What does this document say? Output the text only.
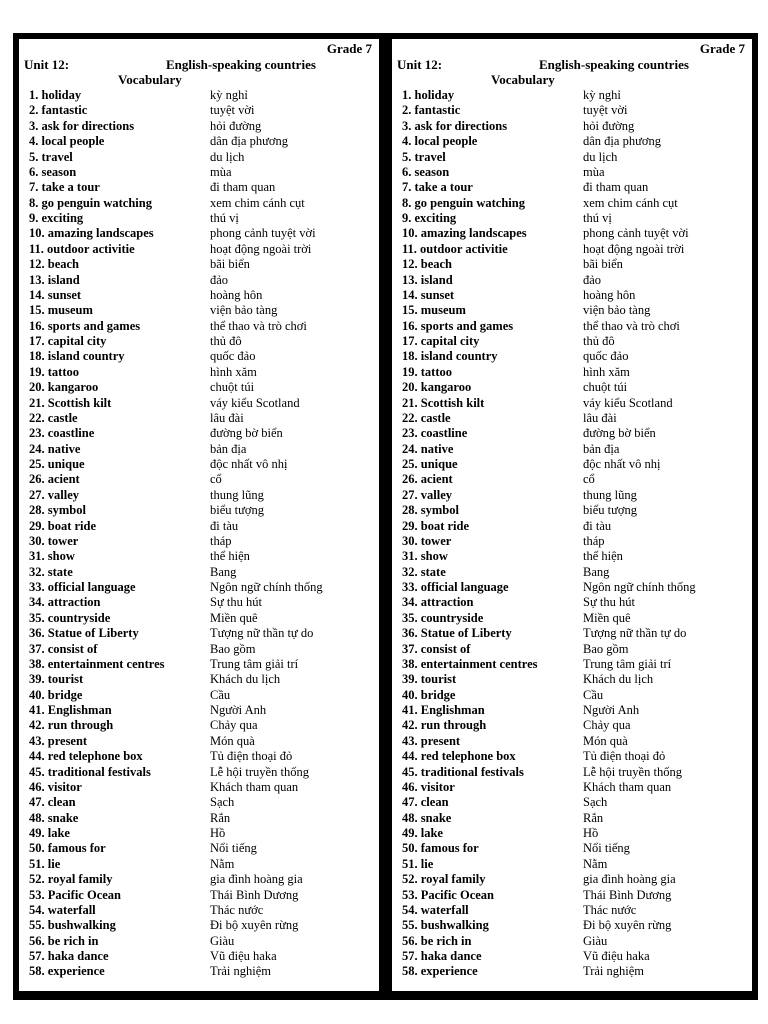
Grade 7
Unit 12:	English-speaking countries
Vocabulary
1. holiday	kỳ nghỉ
2. fantastic	tuyệt vời
3. ask for directions	hỏi đường
4. local people	dân địa phương
5. travel	du lịch
6. season	mùa
7. take a tour	đi tham quan
8. go penguin watching	xem chim cánh cụt
9. exciting	thú vị
10. amazing landscapes	phong cảnh tuyệt vời
11. outdoor activitie	hoạt động ngoài trời
12. beach	bãi biển
13. island	đảo
14. sunset	hoàng hôn
15. museum	viện bảo tàng
16. sports and games	thể thao và trò chơi
17. capital city	thủ đô
18. island country	quốc đảo
19. tattoo	hình xăm
20. kangaroo	chuột túi
21. Scottish kilt	váy kiểu Scotland
22. castle	lâu đài
23. coastline	đường bờ biển
24. native	bản địa
25. unique	độc nhất vô nhị
26. acient	cổ
27. valley	thung lũng
28. symbol	biểu tượng
29. boat ride	đi tàu
30. tower	tháp
31. show	thể hiện
32. state	Bang
33. official language	Ngôn ngữ chính thống
34. attraction	Sự thu hút
35. countryside	Miền quê
36. Statue of Liberty	Tượng nữ thần tự do
37. consist of	Bao gồm
38. entertainment centres	Trung tâm giải trí
39. tourist	Khách du lịch
40. bridge	Cầu
41. Englishman	Người Anh
42. run through	Chảy qua
43. present	Món quà
44. red telephone box	Tủ điện thoại đỏ
45. traditional festivals	Lễ hội truyền thống
46. visitor	Khách tham quan
47. clean	Sạch
48. snake	Rắn
49. lake	Hồ
50. famous for	Nổi tiếng
51. lie	Nằm
52. royal family	gia đình hoàng gia
53. Pacific Ocean	Thái Bình Dương
54. waterfall	Thác nước
55. bushwalking	Đi bộ xuyên rừng
56. be rich in	Giàu
57. haka dance	Vũ điệu haka
58. experience	Trải nghiệm
Grade 7
Unit 12:	English-speaking countries
Vocabulary
1. holiday	kỳ nghỉ
2. fantastic	tuyệt vời
3. ask for directions	hỏi đường
4. local people	dân địa phương
5. travel	du lịch
6. season	mùa
7. take a tour	đi tham quan
8. go penguin watching	xem chim cánh cụt
9. exciting	thú vị
10. amazing landscapes	phong cảnh tuyệt vời
11. outdoor activitie	hoạt động ngoài trời
12. beach	bãi biển
13. island	đảo
14. sunset	hoàng hôn
15. museum	viện bảo tàng
16. sports and games	thể thao và trò chơi
17. capital city	thủ đô
18. island country	quốc đảo
19. tattoo	hình xăm
20. kangaroo	chuột túi
21. Scottish kilt	váy kiểu Scotland
22. castle	lâu đài
23. coastline	đường bờ biển
24. native	bản địa
25. unique	độc nhất vô nhị
26. acient	cổ
27. valley	thung lũng
28. symbol	biểu tượng
29. boat ride	đi tàu
30. tower	tháp
31. show	thể hiện
32. state	Bang
33. official language	Ngôn ngữ chính thống
34. attraction	Sự thu hút
35. countryside	Miền quê
36. Statue of Liberty	Tượng nữ thần tự do
37. consist of	Bao gồm
38. entertainment centres	Trung tâm giải trí
39. tourist	Khách du lịch
40. bridge	Cầu
41. Englishman	Người Anh
42. run through	Chảy qua
43. present	Món quà
44. red telephone box	Tủ điện thoại đỏ
45. traditional festivals	Lễ hội truyền thống
46. visitor	Khách tham quan
47. clean	Sạch
48. snake	Rắn
49. lake	Hồ
50. famous for	Nổi tiếng
51. lie	Nằm
52. royal family	gia đình hoàng gia
53. Pacific Ocean	Thái Bình Dương
54. waterfall	Thác nước
55. bushwalking	Đi bộ xuyên rừng
56. be rich in	Giàu
57. haka dance	Vũ điệu haka
58. experience	Trải nghiệm
